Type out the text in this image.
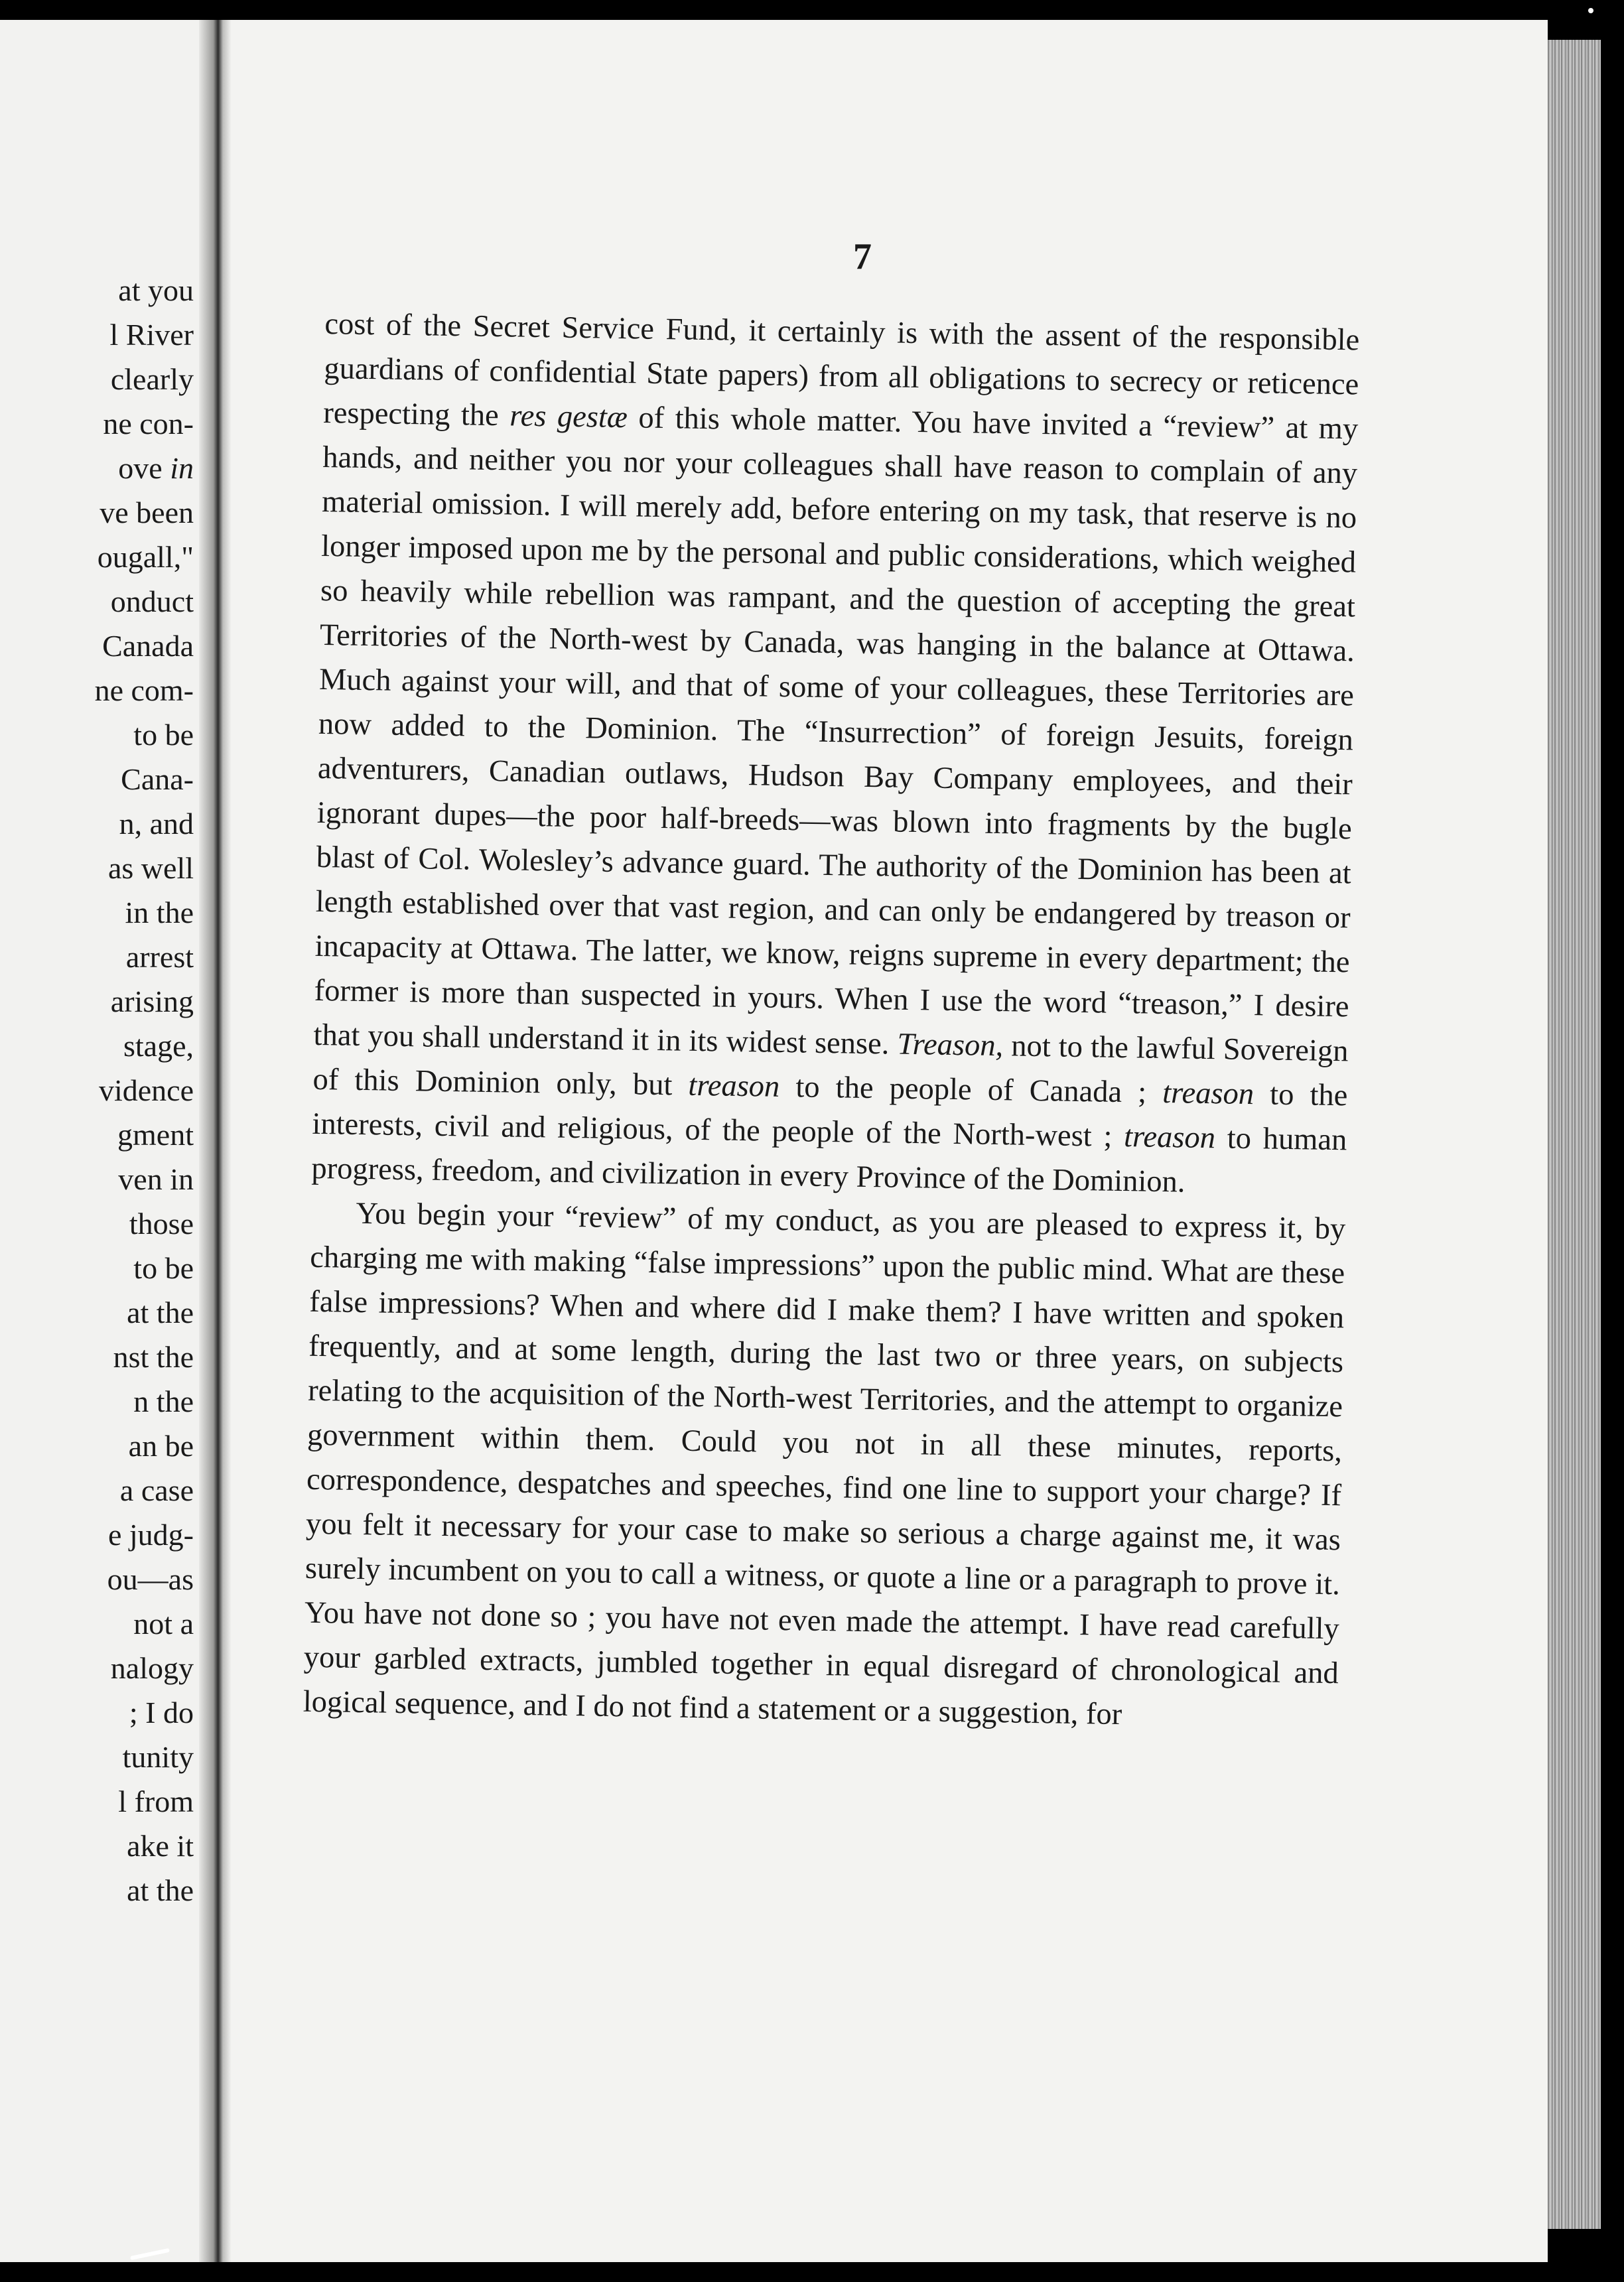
at you
l River
clearly
ne con-
ove in
ve been
ougall,"
onduct
Canada
ne com-
to be
Cana-
n, and
as well
in the
arrest
arising
stage,
vidence
gment
ven in
those
to be
at the
nst the
n the
an be
a case
e judg-
ou—as
not a
nalogy
; I do
tunity
l from
ake it
at the
7

cost of the Secret Service Fund, it certainly is with the assent of the responsible guardians of confidential State papers) from all obligations to secrecy or reticence respecting the res gestæ of this whole matter. You have invited a “review” at my hands, and neither you nor your colleagues shall have reason to complain of any material omission. I will merely add, before entering on my task, that reserve is no longer imposed upon me by the personal and public considerations, which weighed so heavily while rebellion was rampant, and the question of accepting the great Territories of the North-west by Canada, was hanging in the balance at Ottawa. Much against your will, and that of some of your colleagues, these Territories are now added to the Dominion. The “Insurrection” of foreign Jesuits, foreign adventurers, Canadian outlaws, Hudson Bay Company employees, and their ignorant dupes—the poor half-breeds—was blown into fragments by the bugle blast of Col. Wolesley’s advance guard. The authority of the Dominion has been at length established over that vast region, and can only be endangered by treason or incapacity at Ottawa. The latter, we know, reigns supreme in every department; the former is more than suspected in yours. When I use the word “treason,” I desire that you shall understand it in its widest sense. Treason, not to the lawful Sovereign of this Dominion only, but treason to the people of Canada ; treason to the interests, civil and religious, of the people of the North-west ; treason to human progress, freedom, and civilization in every Province of the Dominion.

You begin your “review” of my conduct, as you are pleased to express it, by charging me with making “false impressions” upon the public mind. What are these false impressions? When and where did I make them? I have written and spoken frequently, and at some length, during the last two or three years, on subjects relating to the acquisition of the North-west Territories, and the attempt to organize government within them. Could you not in all these minutes, reports, correspondence, despatches and speeches, find one line to support your charge? If you felt it necessary for your case to make so serious a charge against me, it was surely incumbent on you to call a witness, or quote a line or a paragraph to prove it. You have not done so ; you have not even made the attempt. I have read carefully your garbled extracts, jumbled together in equal disregard of chronological and logical sequence, and I do not find a statement or a suggestion, for
